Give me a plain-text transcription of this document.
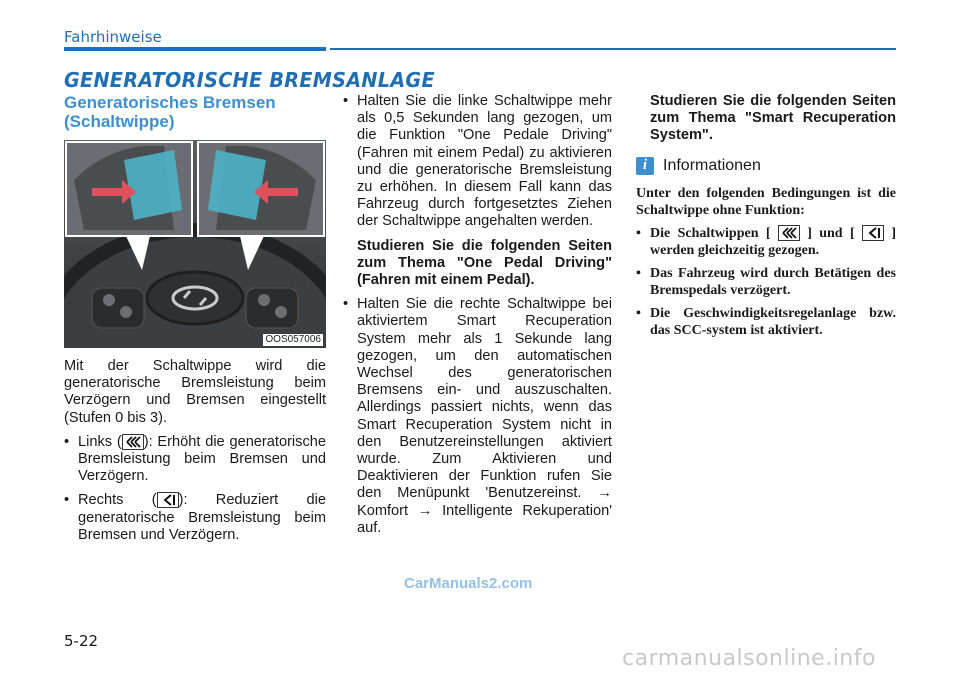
Fahrhinweise
GENERATORISCHE BREMSANLAGE
Generatorisches Bremsen (Schaltwippe)
OOS057006

Mit der Schaltwippe wird die generatorische Bremsleistung beim Verzögern und Bremsen eingestellt (Stufen 0 bis 3).

• Links ( ): Erhöht die generatorische Bremsleistung beim Bremsen und Verzögern.
• Rechts ( ): Reduziert die generatorische Bremsleistung beim Bremsen und Verzögern.
• Halten Sie die linke Schaltwippe mehr als 0,5 Sekunden lang gezogen, um die Funktion "One Pedale Driving" (Fahren mit einem Pedal) zu aktivieren und die generatorische Bremsleistung zu erhöhen. In diesem Fall kann das Fahrzeug durch fortgesetztes Ziehen der Schaltwippe angehalten werden.
Studieren Sie die folgenden Seiten zum Thema "One Pedal Driving" (Fahren mit einem Pedal).
• Halten Sie die rechte Schaltwippe bei aktiviertem Smart Recuperation System mehr als 1 Sekunde lang gezogen, um den automatischen Wechsel des generatorischen Bremsens ein- und auszuschalten. Allerdings passiert nichts, wenn das Smart Recuperation System nicht in den Benutzereinstellungen aktiviert wurde. Zum Aktivieren und Deaktivieren der Funktion rufen Sie den Menüpunkt 'Benutzereinst. → Komfort → Intelligente Rekuperation' auf.
Studieren Sie die folgenden Seiten zum Thema "Smart Recuperation System".
i Informationen

Unter den folgenden Bedingungen ist die Schaltwippe ohne Funktion:

• Die Schaltwippen [	] und [	] werden gleichzeitig gezogen.
• Das Fahrzeug wird durch Betätigen des Bremspedals verzögert.
• Die Geschwindigkeitsregelanlage bzw. das SCC-system ist aktiviert.
5-22
CarManuals2.com
carmanualsonline.info
